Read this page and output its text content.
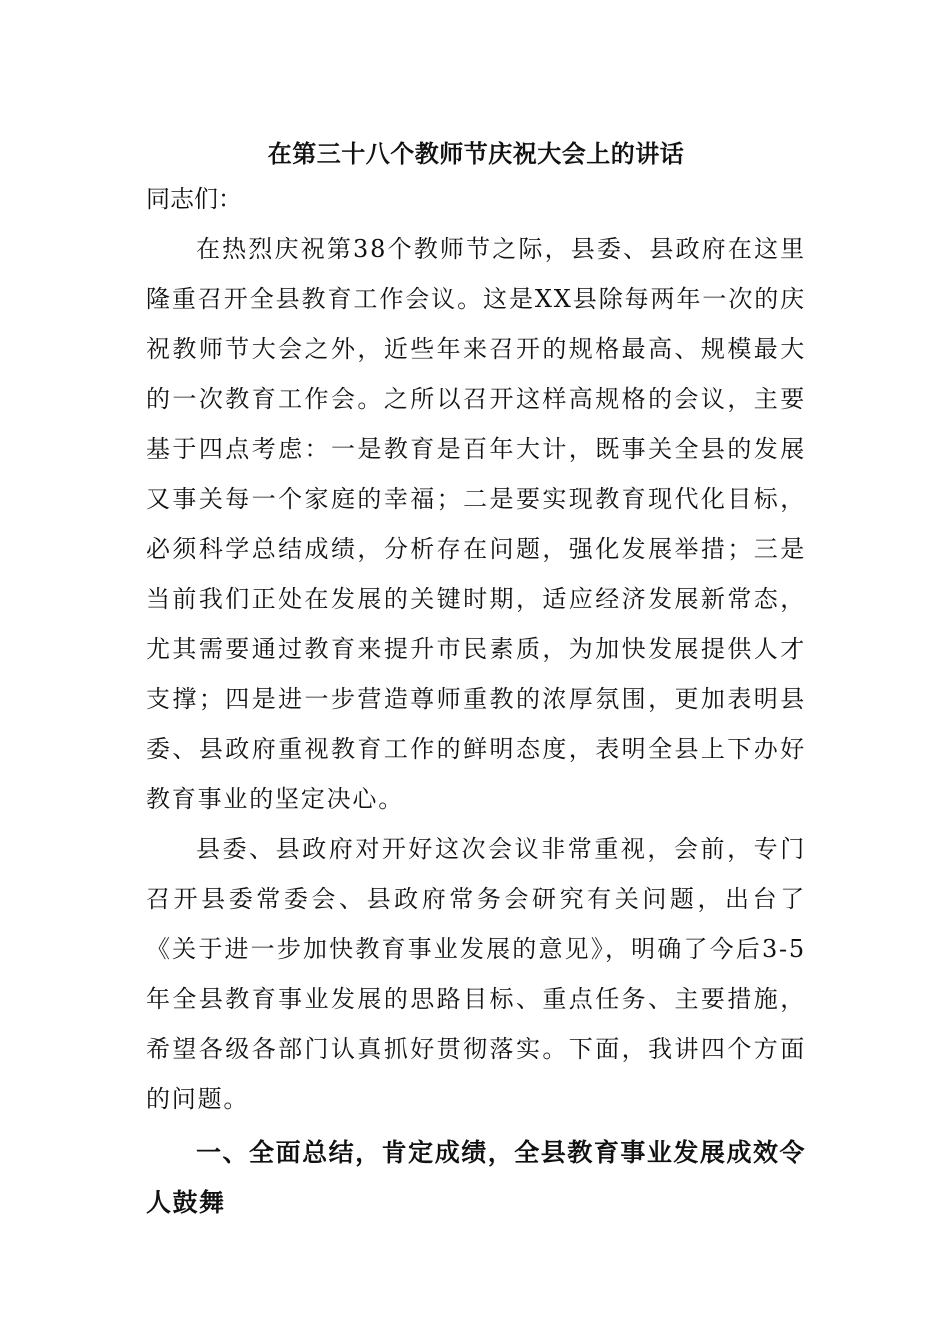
在第三十八个教师节庆祝大会上的讲话

同志们：

在热烈庆祝第38个教师节之际，县委、县政府在这里隆重召开全县教育工作会议。这是XX县除每两年一次的庆祝教师节大会之外，近些年来召开的规格最高、规模最大的一次教育工作会。之所以召开这样高规格的会议，主要基于四点考虑：一是教育是百年大计，既事关全县的发展又事关每一个家庭的幸福；二是要实现教育现代化目标，必须科学总结成绩，分析存在问题，强化发展举措；三是当前我们正处在发展的关键时期，适应经济发展新常态，尤其需要通过教育来提升市民素质，为加快发展提供人才支撑；四是进一步营造尊师重教的浓厚氛围，更加表明县委、县政府重视教育工作的鲜明态度，表明全县上下办好教育事业的坚定决心。

县委、县政府对开好这次会议非常重视，会前，专门召开县委常委会、县政府常务会研究有关问题，出台了《关于进一步加快教育事业发展的意见》，明确了今后3-5年全县教育事业发展的思路目标、重点任务、主要措施，希望各级各部门认真抓好贯彻落实。下面，我讲四个方面的问题。

一、全面总结，肯定成绩，全县教育事业发展成效令人鼓舞
